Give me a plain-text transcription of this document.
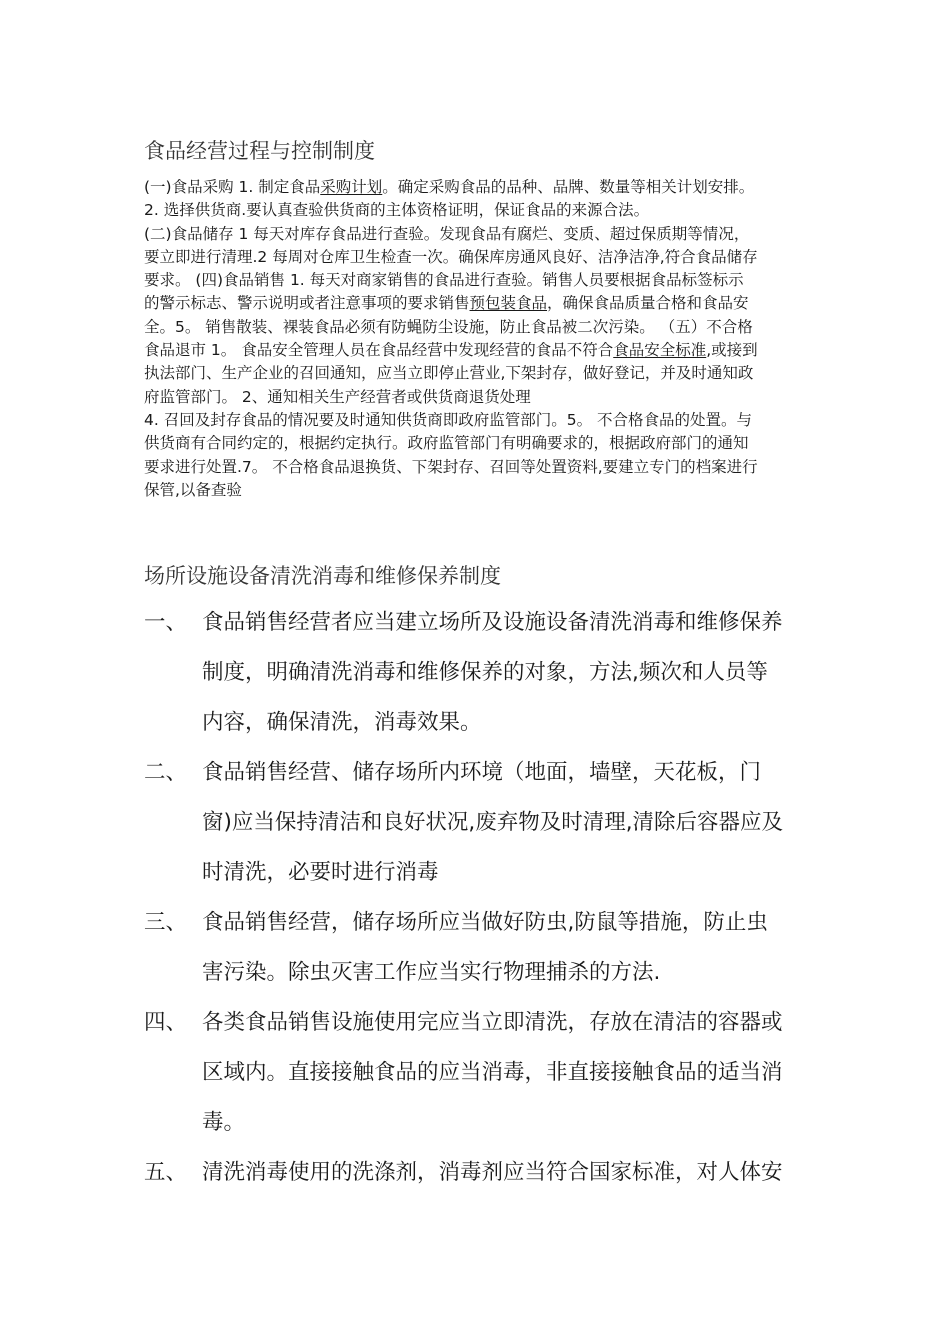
食品经营过程与控制制度
(一)食品采购 1. 制定食品采购计划。确定采购食品的品种、品牌、数量等相关计划安排。
2. 选择供货商.要认真查验供货商的主体资格证明，保证食品的来源合法。
(二)食品储存 1 每天对库存食品进行查验。发现食品有腐烂、变质、超过保质期等情况，
要立即进行清理.2 每周对仓库卫生检查一次。确保库房通风良好、洁净洁净,符合食品储存
要求。 (四)食品销售 1. 每天对商家销售的食品进行查验。销售人员要根据食品标签标示
的警示标志、警示说明或者注意事项的要求销售预包装食品，确保食品质量合格和食品安
全。5。 销售散装、裸装食品必须有防蝇防尘设施，防止食品被二次污染。 （五）不合格
食品退市 1。 食品安全管理人员在食品经营中发现经营的食品不符合食品安全标准,或接到
执法部门、生产企业的召回通知，应当立即停止营业,下架封存，做好登记，并及时通知政
府监管部门。 2、通知相关生产经营者或供货商退货处理
4. 召回及封存食品的情况要及时通知供货商即政府监管部门。5。 不合格食品的处置。与
供货商有合同约定的，根据约定执行。政府监管部门有明确要求的，根据政府部门的通知
要求进行处置.7。 不合格食品退换货、下架封存、召回等处置资料,要建立专门的档案进行
保管,以备查验
场所设施设备清洗消毒和维修保养制度
一、 食品销售经营者应当建立场所及设施设备清洗消毒和维修保养
制度，明确清洗消毒和维修保养的对象，方法,频次和人员等
内容，确保清洗，消毒效果。
二、 食品销售经营、储存场所内环境（地面，墙壁，天花板，门
窗)应当保持清洁和良好状况,废弃物及时清理,清除后容器应及
时清洗，必要时进行消毒
三、 食品销售经营，储存场所应当做好防虫,防鼠等措施，防止虫
害污染。除虫灭害工作应当实行物理捕杀的方法.
四、 各类食品销售设施使用完应当立即清洗，存放在清洁的容器或
区域内。直接接触食品的应当消毒，非直接接触食品的适当消
毒。
五、 清洗消毒使用的洗涤剂，消毒剂应当符合国家标准，对人体安
